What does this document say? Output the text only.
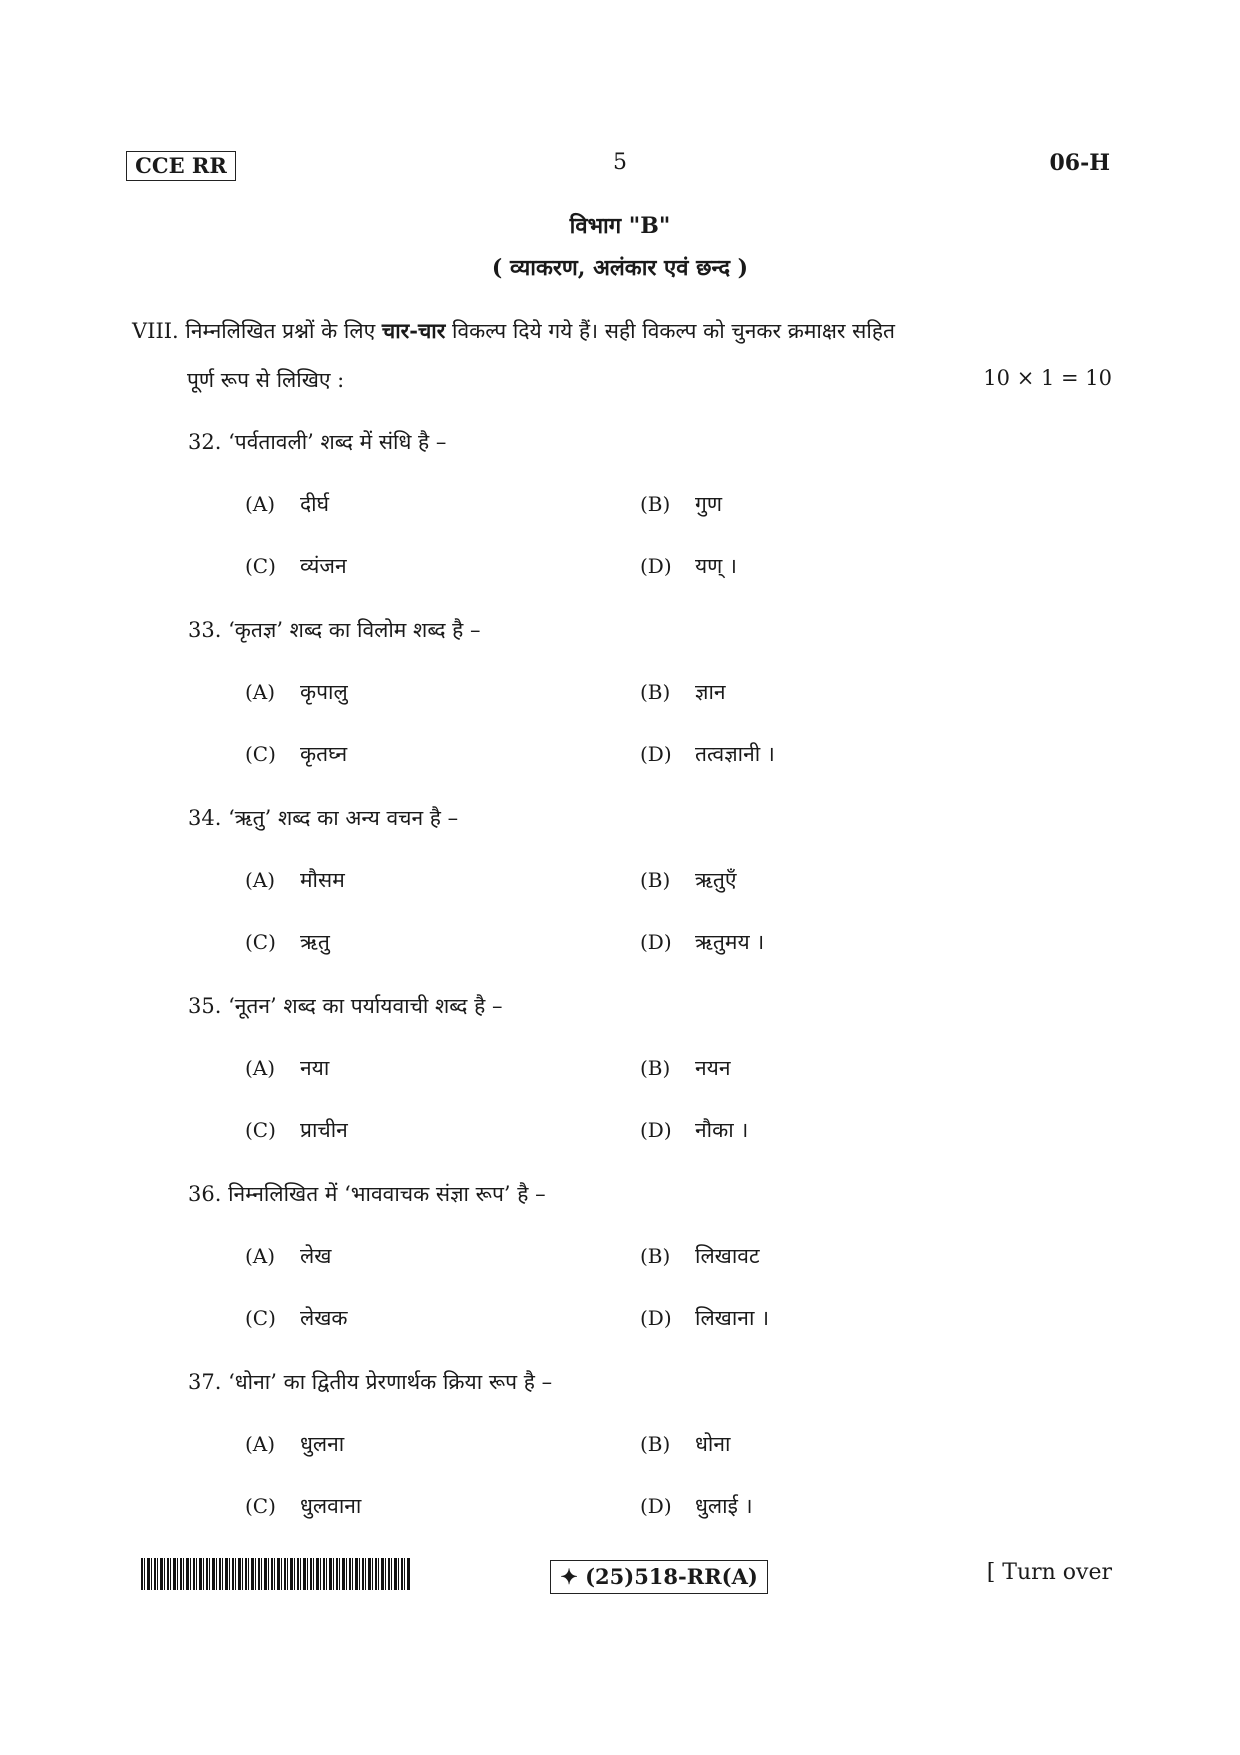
CCE RR	5	06-H
विभाग "B"
( व्याकरण, अलंकार एवं छन्द )
VIII. निम्नलिखित प्रश्नों के लिए चार-चार विकल्प दिये गये हैं। सही विकल्प को चुनकर क्रमाक्षर सहित
पूर्ण रूप से लिखिए :	10 × 1 = 10
32. ‘पर्वतावली’ शब्द में संधि है –
(A) दीर्घ	(B) गुण
(C) व्यंजन	(D) यण् ।
33. ‘कृतज्ञ’ शब्द का विलोम शब्द है –
(A) कृपालु	(B) ज्ञान
(C) कृतघ्न	(D) तत्वज्ञानी ।
34. ‘ऋतु’ शब्द का अन्य वचन है –
(A) मौसम	(B) ऋतुएँ
(C) ऋतु	(D) ऋतुमय ।
35. ‘नूतन’ शब्द का पर्यायवाची शब्द है –
(A) नया	(B) नयन
(C) प्राचीन	(D) नौका ।
36. निम्नलिखित में ‘भाववाचक संज्ञा रूप’ है –
(A) लेख	(B) लिखावट
(C) लेखक	(D) लिखाना ।
37. ‘धोना’ का द्वितीय प्रेरणार्थक क्रिया रूप है –
(A) धुलना	(B) धोना
(C) धुलवाना	(D) धुलाई ।
✦ (25)518-RR(A)	[ Turn over
